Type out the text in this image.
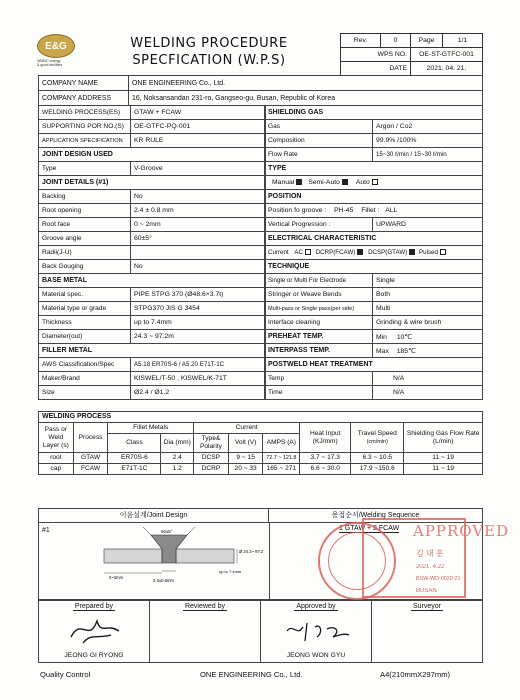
E&G
WMNC energy
& good facilities
WELDING PROCEDURE
SPECFICATION (W.P.S)
Rev.	0	Page	1/1
WPS NO.		OE-ST-GTFC-001	
DATE		2021. 04. 21.	
COMPANY NAME	ONE ENGINEERING Co., Ltd.
COMPANY ADDRESS	16, Noksansandan 231-ro, Gangseo-gu, Busan, Republic of Korea
WELDING PROCESS(ES)	GTAW + FCAW
SUPPORTING POR NO.(S)	OE-GTFC-PQ-001
APPLICATION SPECIFICATION	KR RULE
JOINT DESIGN USED	
Type	V-Groove
JOINT DETAILS (#1)	
Backing	No
Root opening	2.4 ± 0.8 mm
Root face	0 ~ 2mm
Groove angle	60±5°
Radii(J-U)	
Back Gouging	No
BASE METAL	
Material spec.	PIPE STPG 370 (Ø48.6×3.7t)
Material type or grade	STPG370 JIS G 3454
Thickness	up to 7.4mm
Diameter(out)	24.3 ~ 97.2m
FILLER METAL	
AWS Classification/Spec	A5.18 ER70S-6 / A5.20 E71T-1C
Maker/Brand	KISWEL/T-50 , KISWEL/K-71T
Size	Ø2.4 / Ø1.2
SHIELDING GAS	
Gas	Argon / Co2
Composition	99.9% /100%
Flow Rate	15~30 ℓ/min / 15~30 ℓ/min
TYPE	
Manual Semi-Auto Auto	
POSITION	
Position fo groove : PH-45 Fillet : ALL	
Vertical Progression :	UPWARD
ELECTRICAL CHARACTERISTIC	
Current AC DCRP(FCAW) DCSP(GTAW) Pulsed	
TECHNIQUE	
Single or Multi For Electrode	Single
Stringer or Weave Bends	Both
Multi-pass or Single pass(per side)	Multi
Interface cleaning	Grinding & wire brush
PREHEAT TEMP.	Min 10℃
INTERPASS TEMP.	Max 185℃
POSTWELD HEAT TREATMENT	
Temp	N/A
Time	N/A
WELDING PROCESS									
Pass or Weld Layer (s)	Process	Fillet Metals		Current			Heat Input (KJ/mm)	Travel Speed
(cm/min)	Shielding Gas Flow Rate (L/min)
		Class	Dia (mm)	Type& Polarity	Volt (V)	AMPS (A)			
root	GTAW	ER70S-6	2.4	DCSP	9 ~ 15	72.7 ~ 121.8	3.7 ~ 17.3	6.3 ~ 10.5	11 ~ 19
cap	FCAW	E71T-1C	1.2	DCRP	20 ~ 33	165 ~ 271	6.6 ~ 30.0	17.9 ~150.6	11 ~ 19
이음설계/Joint Design	용접순서/Welding Sequence
#1	60±5°
0~3mm
2.4±0.8mm
up to 7.4mm
Ø 24.3~ 97.2
1 GTAW + 2 FCAW APPROVED
김 대 훈
2021. 4.22
BSW-WD-0020-21
BUSAN
Prepared by
JEONG GI RYONG
Reviewed by	Approved by
JEONG WON GYU
Surveyor
Quality Control	ONE ENGINEERING Co., Ltd.	A4(210mmX297mm)
